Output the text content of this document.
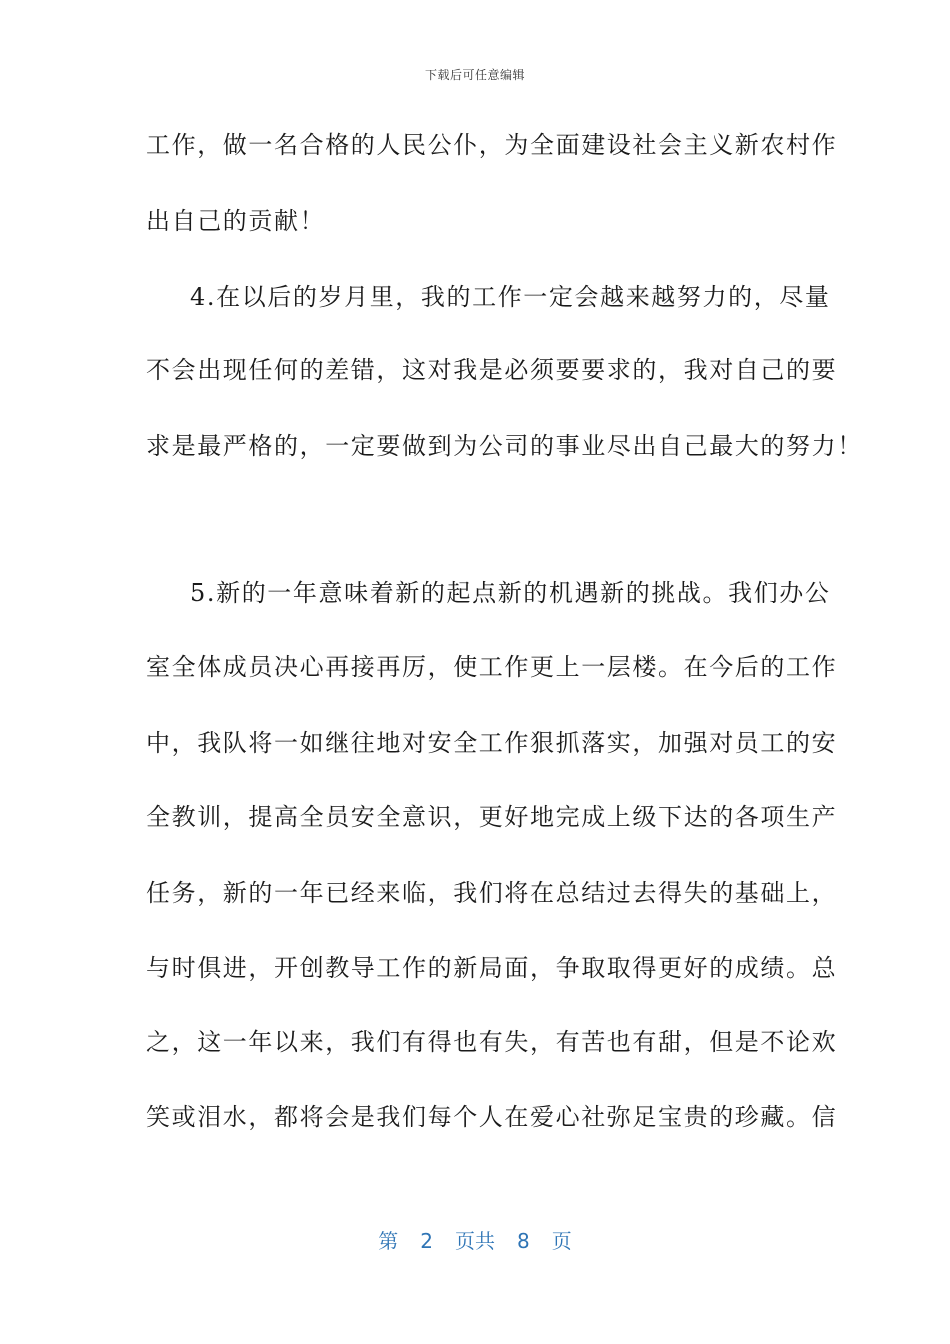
下载后可任意编辑
工作，做一名合格的人民公仆，为全面建设社会主义新农村作
出自己的贡献！
4.在以后的岁月里，我的工作一定会越来越努力的，尽量
不会出现任何的差错，这对我是必须要要求的，我对自己的要
求是最严格的，一定要做到为公司的事业尽出自己最大的努力！
5.新的一年意味着新的起点新的机遇新的挑战。我们办公
室全体成员决心再接再厉，使工作更上一层楼。在今后的工作
中，我队将一如继往地对安全工作狠抓落实，加强对员工的安
全教训，提高全员安全意识，更好地完成上级下达的各项生产
任务，新的一年已经来临，我们将在总结过去得失的基础上，
与时俱进，开创教导工作的新局面，争取取得更好的成绩。总
之，这一年以来，我们有得也有失，有苦也有甜，但是不论欢
笑或泪水，都将会是我们每个人在爱心社弥足宝贵的珍藏。信
第 2 页共 8 页
